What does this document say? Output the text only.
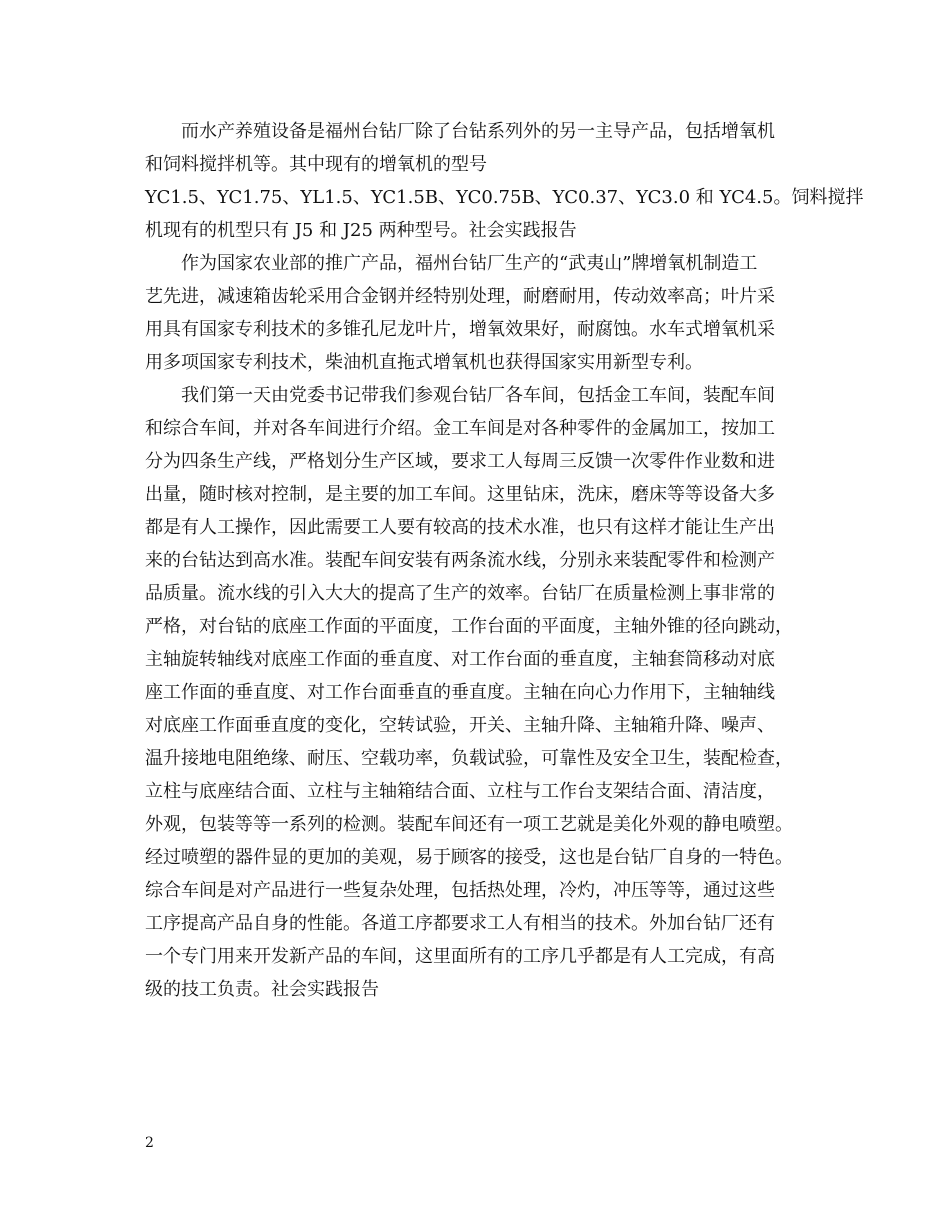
而水产养殖设备是福州台钻厂除了台钻系列外的另一主导产品，包括增氧机
和饲料搅拌机等。其中现有的增氧机的型号
YC1.5、YC1.75、YL1.5、YC1.5B、YC0.75B、YC0.37、YC3.0 和 YC4.5。饲料搅拌
机现有的机型只有 J5 和 J25 两种型号。社会实践报告

作为国家农业部的推广产品，福州台钻厂生产的“武夷山”牌增氧机制造工
艺先进，减速箱齿轮采用合金钢并经特别处理，耐磨耐用，传动效率高；叶片采
用具有国家专利技术的多锥孔尼龙叶片，增氧效果好，耐腐蚀。水车式增氧机采
用多项国家专利技术，柴油机直拖式增氧机也获得国家实用新型专利。

我们第一天由党委书记带我们参观台钻厂各车间，包括金工车间，装配车间
和综合车间，并对各车间进行介绍。金工车间是对各种零件的金属加工，按加工
分为四条生产线，严格划分生产区域，要求工人每周三反馈一次零件作业数和进
出量，随时核对控制，是主要的加工车间。这里钻床，洗床，磨床等等设备大多
都是有人工操作，因此需要工人要有较高的技术水准，也只有这样才能让生产出
来的台钻达到高水准。装配车间安装有两条流水线，分别永来装配零件和检测产
品质量。流水线的引入大大的提高了生产的效率。台钻厂在质量检测上事非常的
严格，对台钻的底座工作面的平面度，工作台面的平面度，主轴外锥的径向跳动，
主轴旋转轴线对底座工作面的垂直度、对工作台面的垂直度，主轴套筒移动对底
座工作面的垂直度、对工作台面垂直的垂直度。主轴在向心力作用下，主轴轴线
对底座工作面垂直度的变化，空转试验，开关、主轴升降、主轴箱升降、噪声、
温升接地电阻绝缘、耐压、空载功率，负载试验，可靠性及安全卫生，装配检查，
立柱与底座结合面、立柱与主轴箱结合面、立柱与工作台支架结合面、清洁度，
外观，包装等等一系列的检测。装配车间还有一项工艺就是美化外观的静电喷塑。
经过喷塑的器件显的更加的美观，易于顾客的接受，这也是台钻厂自身的一特色。
综合车间是对产品进行一些复杂处理，包括热处理，冷灼，冲压等等，通过这些
工序提高产品自身的性能。各道工序都要求工人有相当的技术。外加台钻厂还有
一个专门用来开发新产品的车间，这里面所有的工序几乎都是有人工完成，有高
级的技工负责。社会实践报告

2
